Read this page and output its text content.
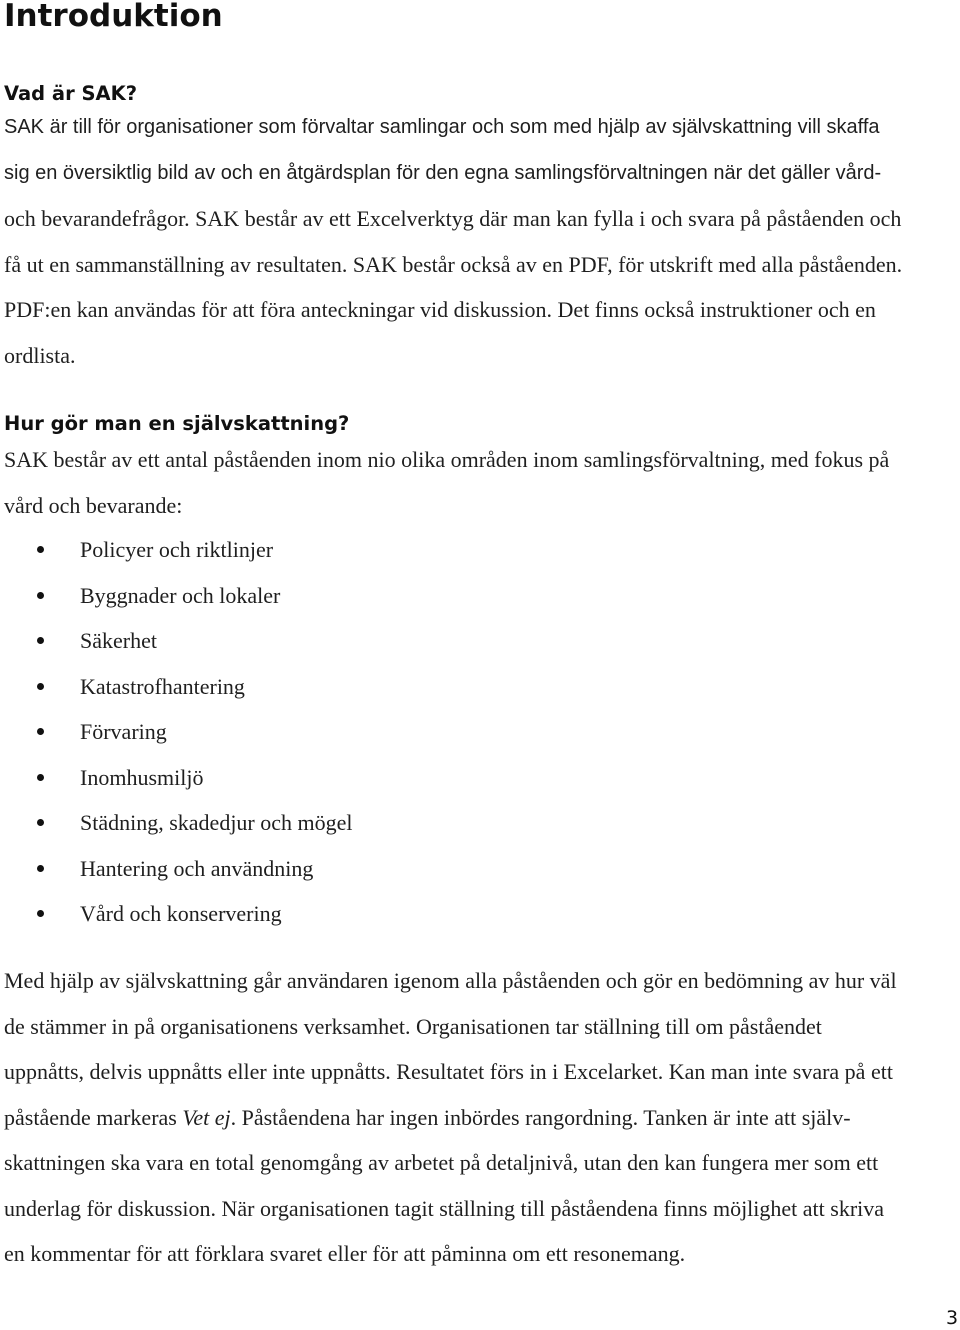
Introduktion
Vad är SAK?

SAK är till för organisationer som förvaltar samlingar och som med hjälp av självskattning vill skaffa
sig en översiktlig bild av och en åtgärdsplan för den egna samlingsförvaltningen när det gäller vård-
och bevarandefrågor. SAK består av ett Excelverktyg där man kan fylla i och svara på påståenden och
få ut en sammanställning av resultaten. SAK består också av en PDF, för utskrift med alla påståenden.
PDF:en kan användas för att föra anteckningar vid diskussion. Det finns också instruktioner och en
ordlista.

Hur gör man en självskattning?

SAK består av ett antal påståenden inom nio olika områden inom samlingsförvaltning, med fokus på
vård och bevarande:

Policyer och riktlinjer
Byggnader och lokaler
Säkerhet
Katastrofhantering
Förvaring
Inomhusmiljö
Städning, skadedjur och mögel
Hantering och användning
Vård och konservering

Med hjälp av självskattning går användaren igenom alla påståenden och gör en bedömning av hur väl
de stämmer in på organisationens verksamhet. Organisationen tar ställning till om påståendet
uppnåtts, delvis uppnåtts eller inte uppnåtts. Resultatet förs in i Excelarket. Kan man inte svara på ett
påstående markeras Vet ej. Påståendena har ingen inbördes rangordning. Tanken är inte att själv-
skattningen ska vara en total genomgång av arbetet på detaljnivå, utan den kan fungera mer som ett
underlag för diskussion. När organisationen tagit ställning till påståendena finns möjlighet att skriva
en kommentar för att förklara svaret eller för att påminna om ett resonemang.

3
